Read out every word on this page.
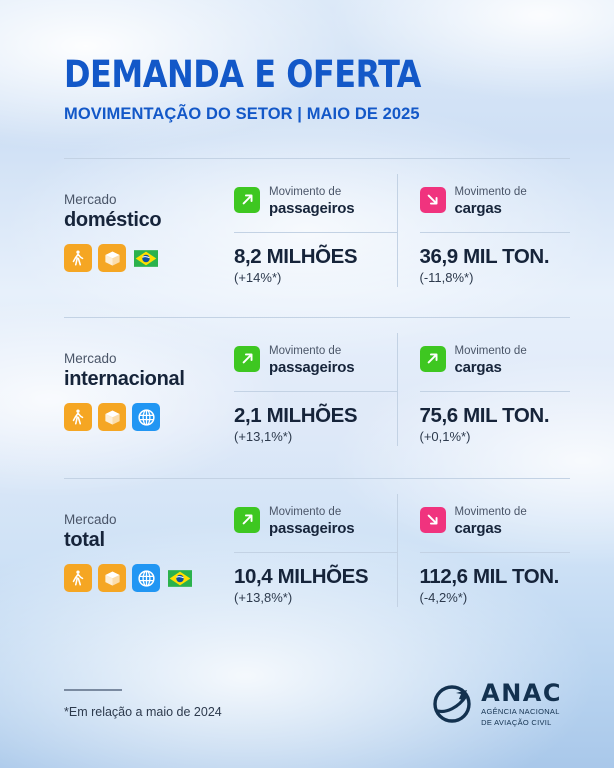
DEMANDA E OFERTA
MOVIMENTAÇÃO DO SETOR | MAIO DE 2025
Mercado
doméstico
Movimento de
passageiros
8,2 MILHÕES (+14%*)
Movimento de
cargas
36,9 MIL TON. (-11,8%*)
Mercado
internacional
Movimento de
passageiros
2,1 MILHÕES (+13,1%*)
Movimento de
cargas
75,6 MIL TON. (+0,1%*)
Mercado
total
Movimento de
passageiros
10,4 MILHÕES (+13,8%*)
Movimento de
cargas
112,6 MIL TON. (-4,2%*)
*Em relação a maio de 2024
ANAC
AGÊNCIA NACIONAL
DE AVIAÇÃO CIVIL
